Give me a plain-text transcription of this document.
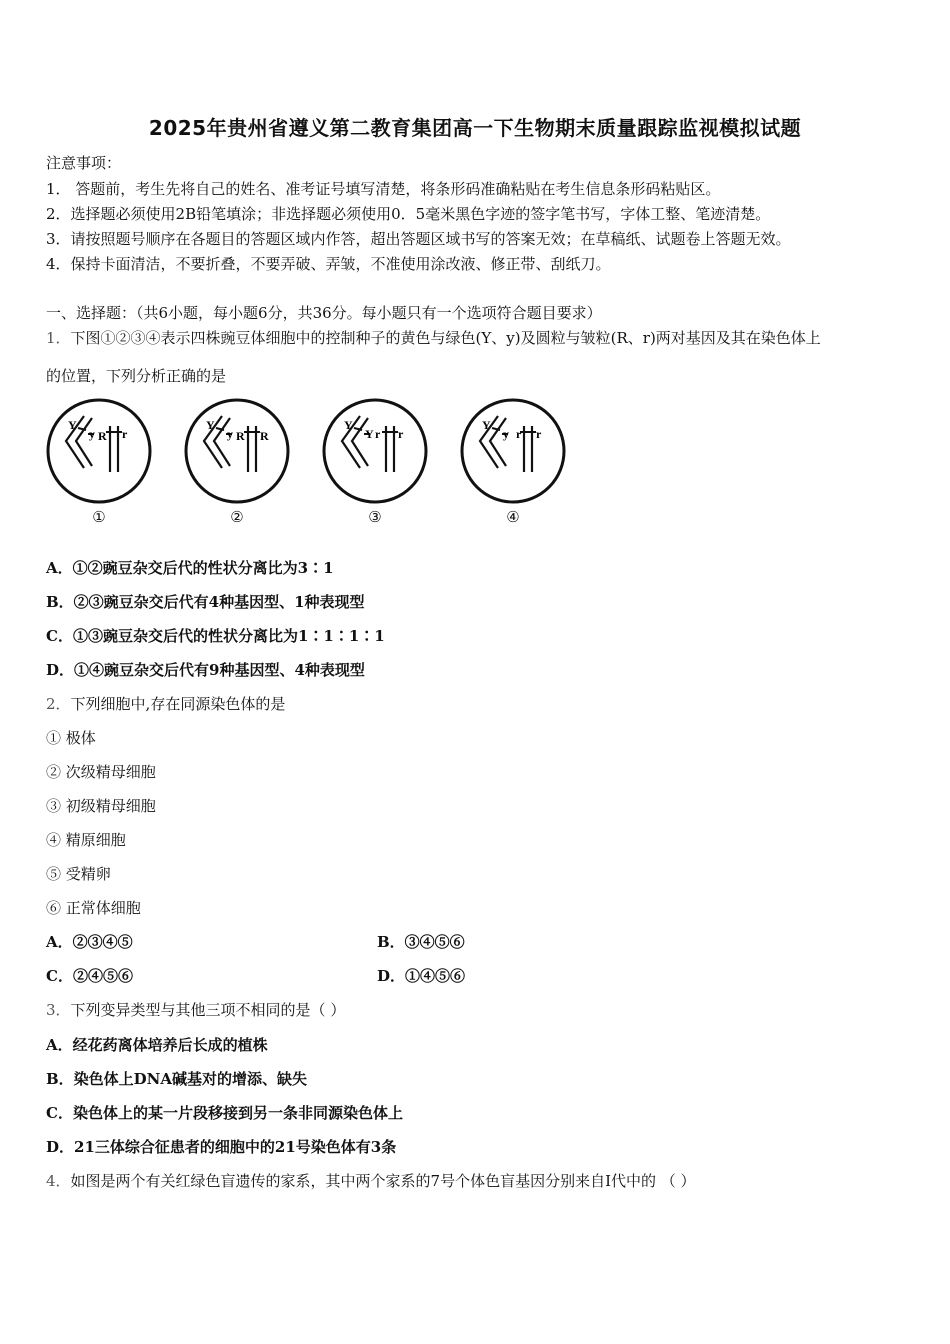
2025年贵州省遵义第二教育集团高一下生物期末质量跟踪监视模拟试题
注意事项：
1． 答题前，考生先将自己的姓名、准考证号填写清楚，将条形码准确粘贴在考生信息条形码粘贴区。
2．选择题必须使用2B铅笔填涂；非选择题必须使用0．5毫米黑色字迹的签字笔书写，字体工整、笔迹清楚。
3．请按照题号顺序在各题目的答题区域内作答，超出答题区域书写的答案无效；在草稿纸、试题卷上答题无效。
4．保持卡面清洁，不要折叠，不要弄破、弄皱，不准使用涂改液、修正带、刮纸刀。
一、选择题：（共6小题，每小题6分，共36分。每小题只有一个选项符合题目要求）
1．下图①②③④表示四株豌豆体细胞中的控制种子的黄色与绿色(Y、y)及圆粒与皱粒(R、r)两对基因及其在染色体上
的位置，下列分析正确的是
Y
y R r
①
Y
y R R
②
Y
Y r r
③
Y
y r r
④
A．①②豌豆杂交后代的性状分离比为3∶1
B．②③豌豆杂交后代有4种基因型、1种表现型
C．①③豌豆杂交后代的性状分离比为1∶1∶1∶1
D．①④豌豆杂交后代有9种基因型、4种表现型
2．下列细胞中,存在同源染色体的是
① 极体
② 次级精母细胞
③ 初级精母细胞
④ 精原细胞
⑤ 受精卵
⑥ 正常体细胞
A．②③④⑤	B．③④⑤⑥
C．②④⑤⑥	D．①④⑤⑥
3．下列变异类型与其他三项不相同的是（ ）
A．经花药离体培养后长成的植株
B．染色体上DNA碱基对的增添、缺失
C．染色体上的某一片段移接到另一条非同源染色体上
D．21三体综合征患者的细胞中的21号染色体有3条
4．如图是两个有关红绿色盲遗传的家系，其中两个家系的7号个体色盲基因分别来自Ⅰ代中的 （ ）
